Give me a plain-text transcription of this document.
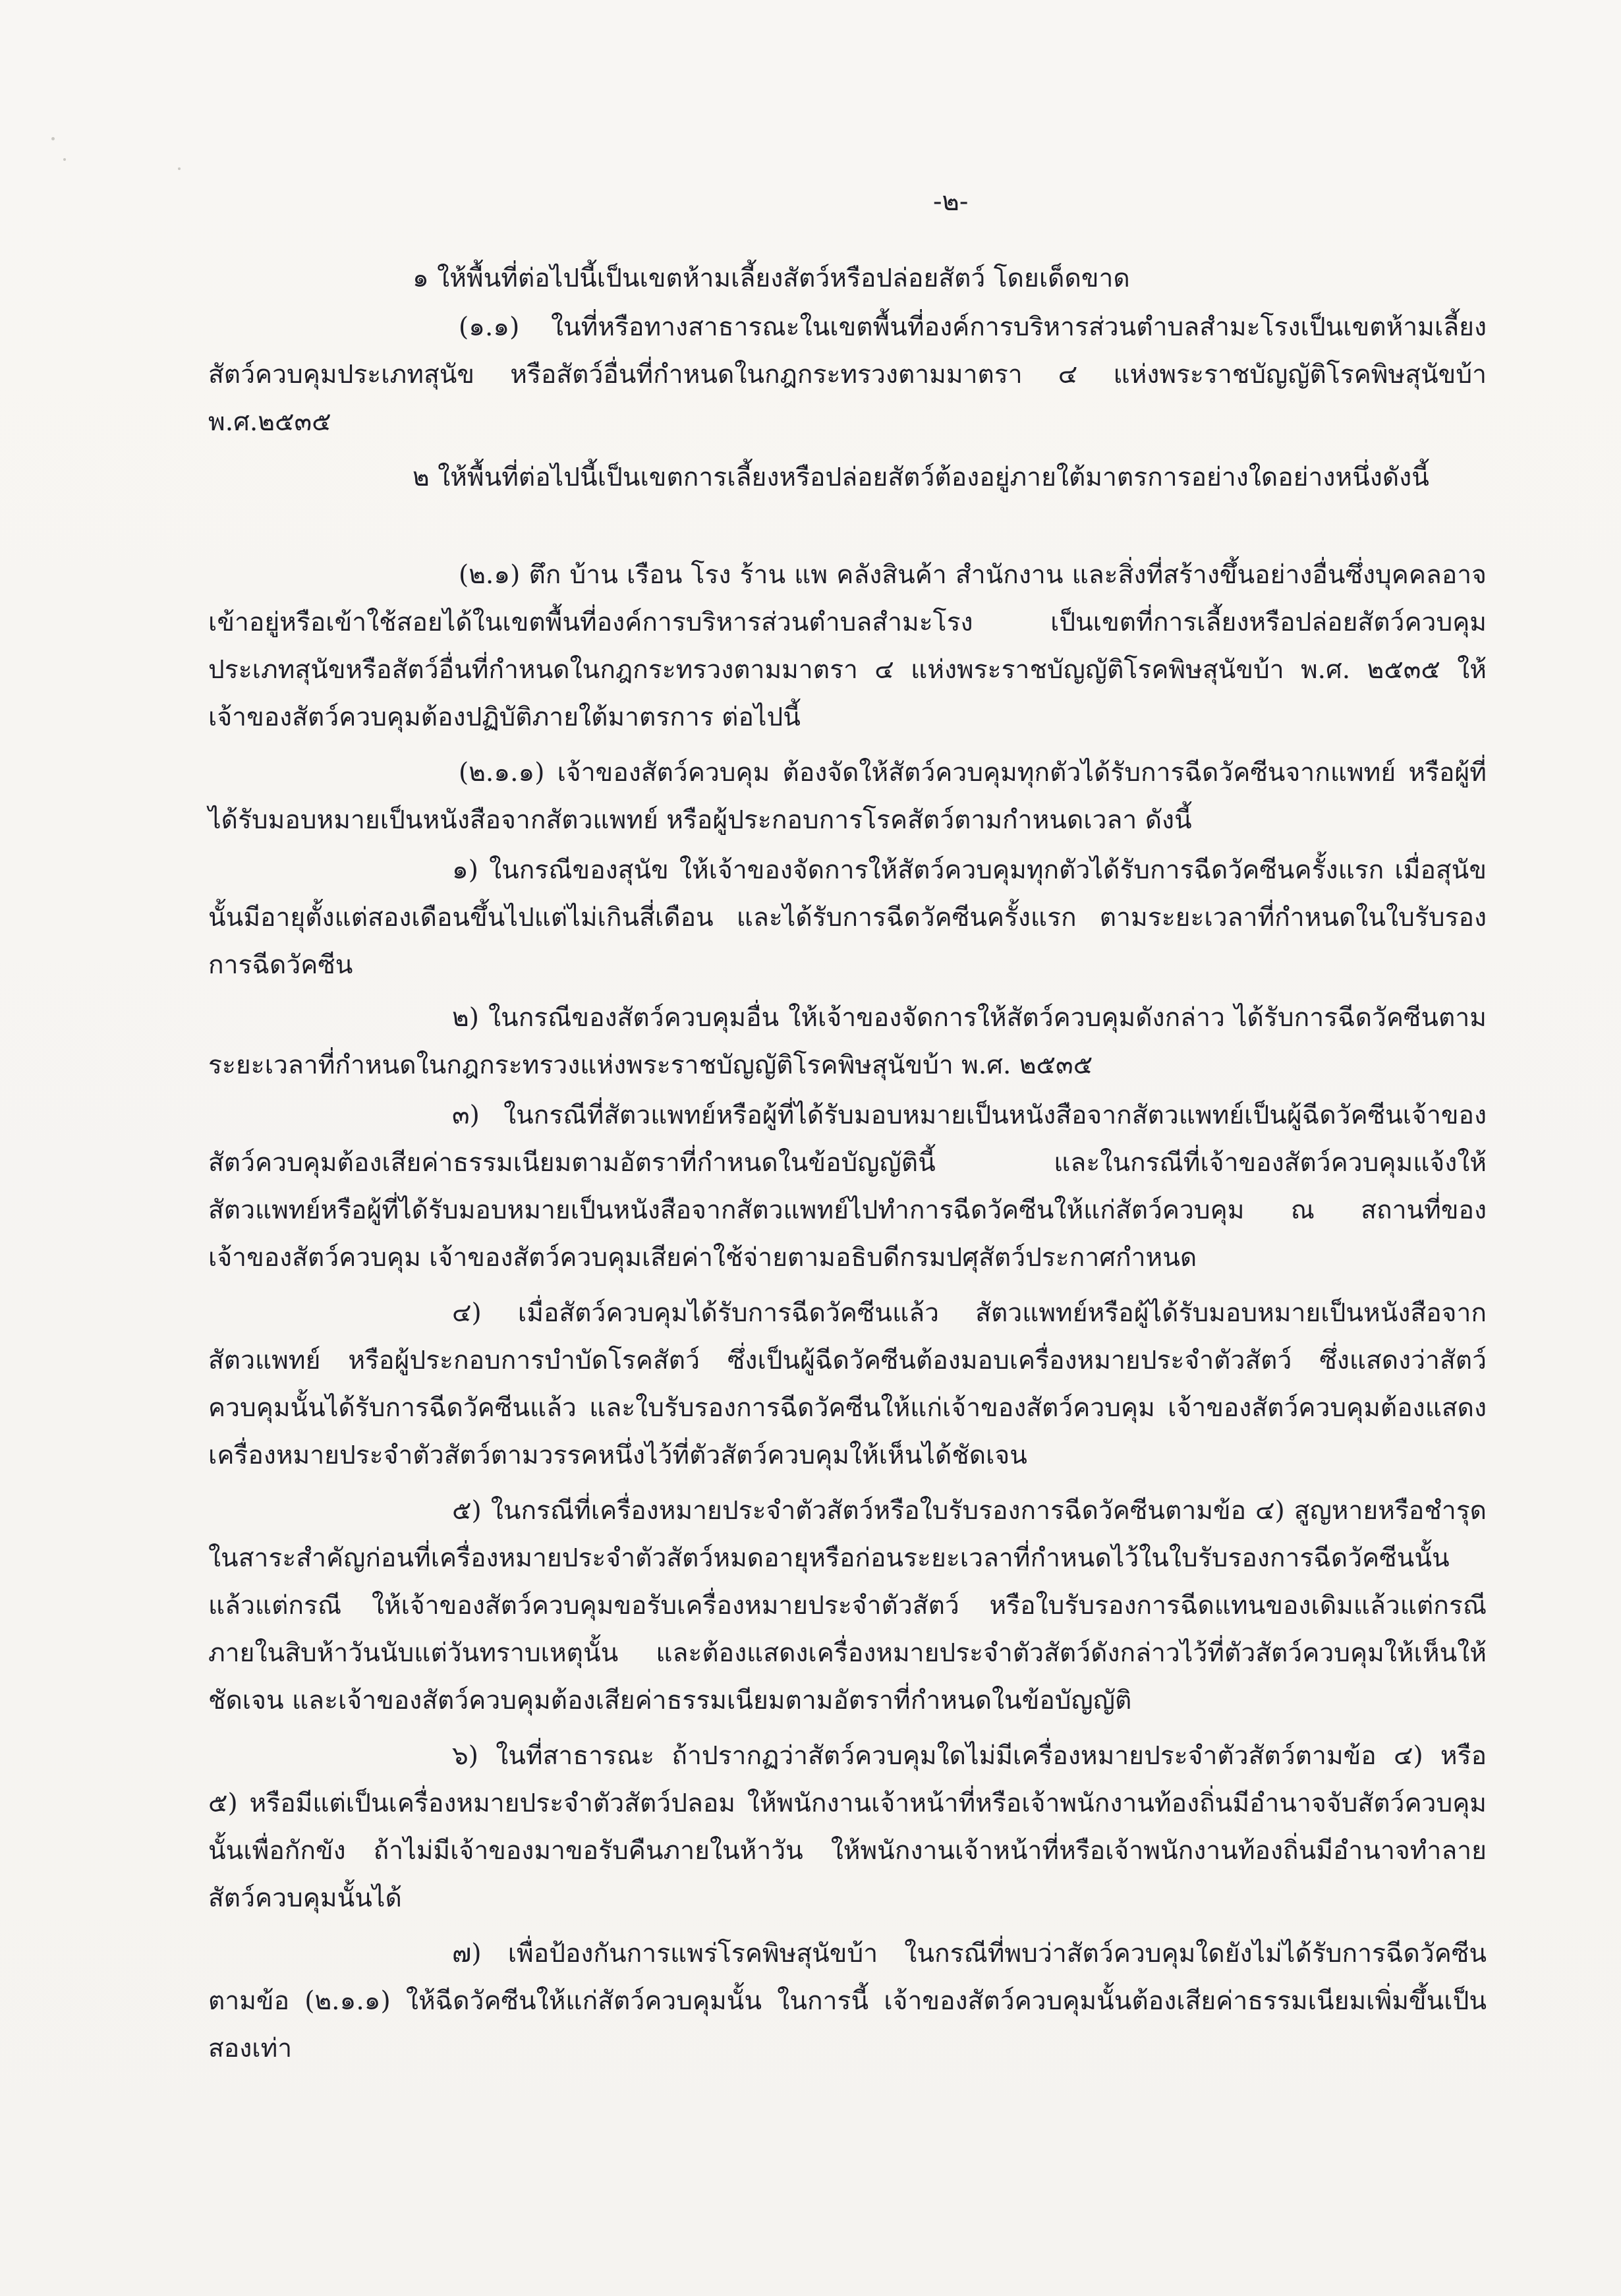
-๒-

๑ ให้พื้นที่ต่อไปนี้เป็นเขตห้ามเลี้ยงสัตว์หรือปล่อยสัตว์ โดยเด็ดขาด

(๑.๑) ในที่หรือทางสาธารณะในเขตพื้นที่องค์การบริหารส่วนตำบลสำมะโรงเป็นเขตห้ามเลี้ยงสัตว์ควบคุมประเภทสุนัข หรือสัตว์อื่นที่กำหนดในกฎกระทรวงตามมาตรา ๔ แห่งพระราชบัญญัติโรคพิษสุนัขบ้า พ.ศ.๒๕๓๕

๒ ให้พื้นที่ต่อไปนี้เป็นเขตการเลี้ยงหรือปล่อยสัตว์ต้องอยู่ภายใต้มาตรการอย่างใดอย่างหนึ่งดังนี้

(๒.๑) ตึก บ้าน เรือน โรง ร้าน แพ คลังสินค้า สำนักงาน และสิ่งที่สร้างขึ้นอย่างอื่นซึ่งบุคคลอาจเข้าอยู่หรือเข้าใช้สอยได้ในเขตพื้นที่องค์การบริหารส่วนตำบลสำมะโรง เป็นเขตที่การเลี้ยงหรือปล่อยสัตว์ควบคุมประเภทสุนัขหรือสัตว์อื่นที่กำหนดในกฎกระทรวงตามมาตรา ๔ แห่งพระราชบัญญัติโรคพิษสุนัขบ้า พ.ศ. ๒๕๓๕ ให้เจ้าของสัตว์ควบคุมต้องปฏิบัติภายใต้มาตรการ ต่อไปนี้

(๒.๑.๑) เจ้าของสัตว์ควบคุม ต้องจัดให้สัตว์ควบคุมทุกตัวได้รับการฉีดวัคซีนจากแพทย์ หรือผู้ที่ได้รับมอบหมายเป็นหนังสือจากสัตวแพทย์ หรือผู้ประกอบการโรคสัตว์ตามกำหนดเวลา ดังนี้

๑) ในกรณีของสุนัข ให้เจ้าของจัดการให้สัตว์ควบคุมทุกตัวได้รับการฉีดวัคซีนครั้งแรก เมื่อสุนัขนั้นมีอายุตั้งแต่สองเดือนขึ้นไปแต่ไม่เกินสี่เดือน และได้รับการฉีดวัคซีนครั้งแรก ตามระยะเวลาที่กำหนดในใบรับรองการฉีดวัคซีน

๒) ในกรณีของสัตว์ควบคุมอื่น ให้เจ้าของจัดการให้สัตว์ควบคุมดังกล่าว ได้รับการฉีดวัคซีนตามระยะเวลาที่กำหนดในกฎกระทรวงแห่งพระราชบัญญัติโรคพิษสุนัขบ้า พ.ศ. ๒๕๓๕

๓) ในกรณีที่สัตวแพทย์หรือผู้ที่ได้รับมอบหมายเป็นหนังสือจากสัตวแพทย์เป็นผู้ฉีดวัคซีนเจ้าของสัตว์ควบคุมต้องเสียค่าธรรมเนียมตามอัตราที่กำหนดในข้อบัญญัตินี้ และในกรณีที่เจ้าของสัตว์ควบคุมแจ้งให้สัตวแพทย์หรือผู้ที่ได้รับมอบหมายเป็นหนังสือจากสัตวแพทย์ไปทำการฉีดวัคซีนให้แก่สัตว์ควบคุม ณ สถานที่ของเจ้าของสัตว์ควบคุม เจ้าของสัตว์ควบคุมเสียค่าใช้จ่ายตามอธิบดีกรมปศุสัตว์ประกาศกำหนด

๔) เมื่อสัตว์ควบคุมได้รับการฉีดวัคซีนแล้ว สัตวแพทย์หรือผู้ได้รับมอบหมายเป็นหนังสือจากสัตวแพทย์ หรือผู้ประกอบการบำบัดโรคสัตว์ ซึ่งเป็นผู้ฉีดวัคซีนต้องมอบเครื่องหมายประจำตัวสัตว์ ซึ่งแสดงว่าสัตว์ควบคุมนั้นได้รับการฉีดวัคซีนแล้ว และใบรับรองการฉีดวัคซีนให้แก่เจ้าของสัตว์ควบคุม เจ้าของสัตว์ควบคุมต้องแสดงเครื่องหมายประจำตัวสัตว์ตามวรรคหนึ่งไว้ที่ตัวสัตว์ควบคุมให้เห็นได้ชัดเจน

๕) ในกรณีที่เครื่องหมายประจำตัวสัตว์หรือใบรับรองการฉีดวัคซีนตามข้อ ๔) สูญหายหรือชำรุดในสาระสำคัญก่อนที่เครื่องหมายประจำตัวสัตว์หมดอายุหรือก่อนระยะเวลาที่กำหนดไว้ในใบรับรองการฉีดวัคซีนนั้น แล้วแต่กรณี ให้เจ้าของสัตว์ควบคุมขอรับเครื่องหมายประจำตัวสัตว์ หรือใบรับรองการฉีดแทนของเดิมแล้วแต่กรณี ภายในสิบห้าวันนับแต่วันทราบเหตุนั้น และต้องแสดงเครื่องหมายประจำตัวสัตว์ดังกล่าวไว้ที่ตัวสัตว์ควบคุมให้เห็นให้ชัดเจน และเจ้าของสัตว์ควบคุมต้องเสียค่าธรรมเนียมตามอัตราที่กำหนดในข้อบัญญัติ

๖) ในที่สาธารณะ ถ้าปรากฏว่าสัตว์ควบคุมใดไม่มีเครื่องหมายประจำตัวสัตว์ตามข้อ ๔) หรือ ๕) หรือมีแต่เป็นเครื่องหมายประจำตัวสัตว์ปลอม ให้พนักงานเจ้าหน้าที่หรือเจ้าพนักงานท้องถิ่นมีอำนาจจับสัตว์ควบคุมนั้นเพื่อกักขัง ถ้าไม่มีเจ้าของมาขอรับคืนภายในห้าวัน ให้พนักงานเจ้าหน้าที่หรือเจ้าพนักงานท้องถิ่นมีอำนาจทำลายสัตว์ควบคุมนั้นได้

๗) เพื่อป้องกันการแพร่โรคพิษสุนัขบ้า ในกรณีที่พบว่าสัตว์ควบคุมใดยังไม่ได้รับการฉีดวัคซีนตามข้อ (๒.๑.๑) ให้ฉีดวัคซีนให้แก่สัตว์ควบคุมนั้น ในการนี้ เจ้าของสัตว์ควบคุมนั้นต้องเสียค่าธรรมเนียมเพิ่มขึ้นเป็นสองเท่า
